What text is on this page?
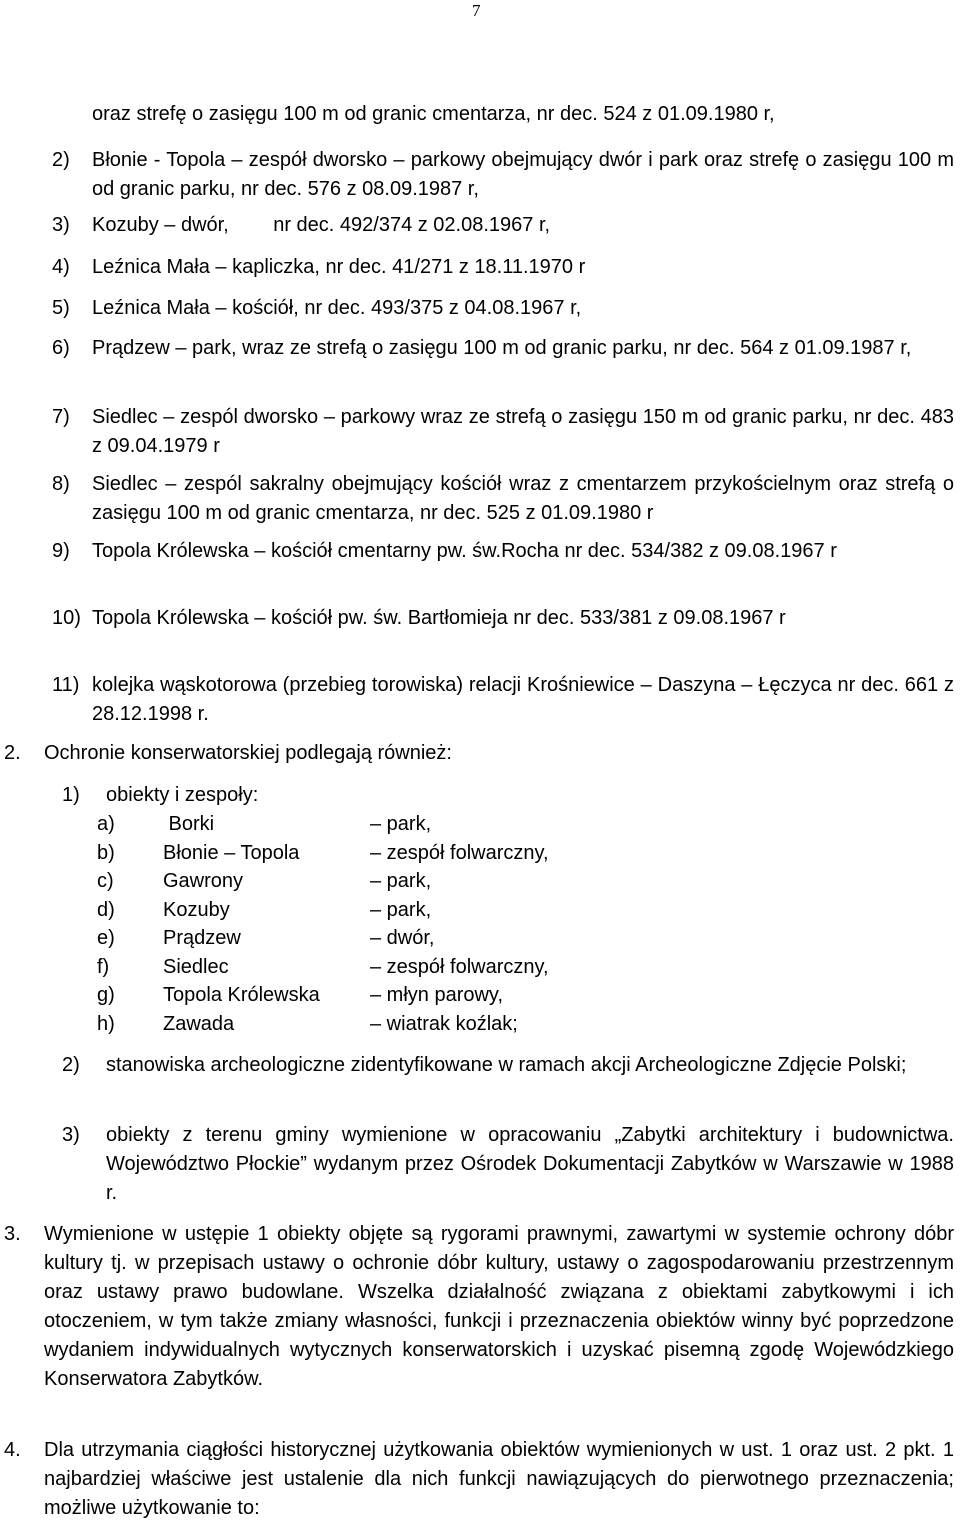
7
oraz strefę o zasięgu 100 m od granic cmentarza, nr dec. 524 z 01.09.1980 r,
2) Błonie - Topola – zespół dworsko – parkowy obejmujący dwór i park oraz strefę o zasięgu 100 m od granic parku, nr dec. 576 z 08.09.1987 r,
3) Kozuby – dwór,        nr dec. 492/374 z 02.08.1967 r,
4) Leźnica Mała – kapliczka, nr dec. 41/271 z 18.11.1970 r
5) Leźnica Mała – kościół, nr dec. 493/375 z 04.08.1967 r,
6) Prądzew – park, wraz ze strefą o zasięgu 100 m od granic parku, nr dec. 564 z 01.09.1987 r,
7) Siedlec – zespól dworsko – parkowy wraz ze strefą o zasięgu 150 m od granic parku, nr dec. 483 z 09.04.1979 r
8) Siedlec – zespól sakralny obejmujący kościół wraz z cmentarzem przykościelnym oraz strefą o zasięgu 100 m od granic cmentarza, nr dec. 525 z 01.09.1980 r
9) Topola Królewska – kościół cmentarny pw. św.Rocha nr dec. 534/382 z 09.08.1967 r
10) Topola Królewska – kościół pw. św. Bartłomieja nr dec. 533/381 z 09.08.1967 r
11) kolejka wąskotorowa (przebieg torowiska) relacji Krośniewice – Daszyna – Łęczyca nr dec. 661 z 28.12.1998 r.
2. Ochronie konserwatorskiej podlegają również:
1) obiekty i zespoły:
a) Borki	– park,
b) Błonie – Topola	– zespół folwarczny,
c) Gawrony	– park,
d) Kozuby	– park,
e) Prądzew	– dwór,
f)	Siedlec	– zespół folwarczny,
g) Topola Królewska	– młyn parowy,
h) Zawada	– wiatrak koźlak;
2) stanowiska archeologiczne zidentyfikowane w ramach akcji Archeologiczne Zdjęcie Polski;
3) obiekty z terenu gminy wymienione w opracowaniu „Zabytki architektury i budownictwa. Województwo Płockie” wydanym przez Ośrodek Dokumentacji Zabytków w Warszawie w 1988 r.
3. Wymienione w ustępie 1 obiekty objęte są rygorami prawnymi, zawartymi w systemie ochrony dóbr kultury tj. w przepisach ustawy o ochronie dóbr kultury, ustawy o zagospodarowaniu przestrzennym oraz ustawy prawo budowlane. Wszelka działalność związana z obiektami zabytkowymi i ich otoczeniem, w tym także zmiany własności, funkcji i przeznaczenia obiektów winny być poprzedzone wydaniem indywidualnych wytycznych konserwatorskich i uzyskać pisemną zgodę Wojewódzkiego Konserwatora Zabytków.
4. Dla utrzymania ciągłości historycznej użytkowania obiektów wymienionych w ust. 1 oraz ust. 2 pkt. 1 najbardziej właściwe jest ustalenie dla nich funkcji nawiązujących do pierwotnego przeznaczenia; możliwe użytkowanie to:
